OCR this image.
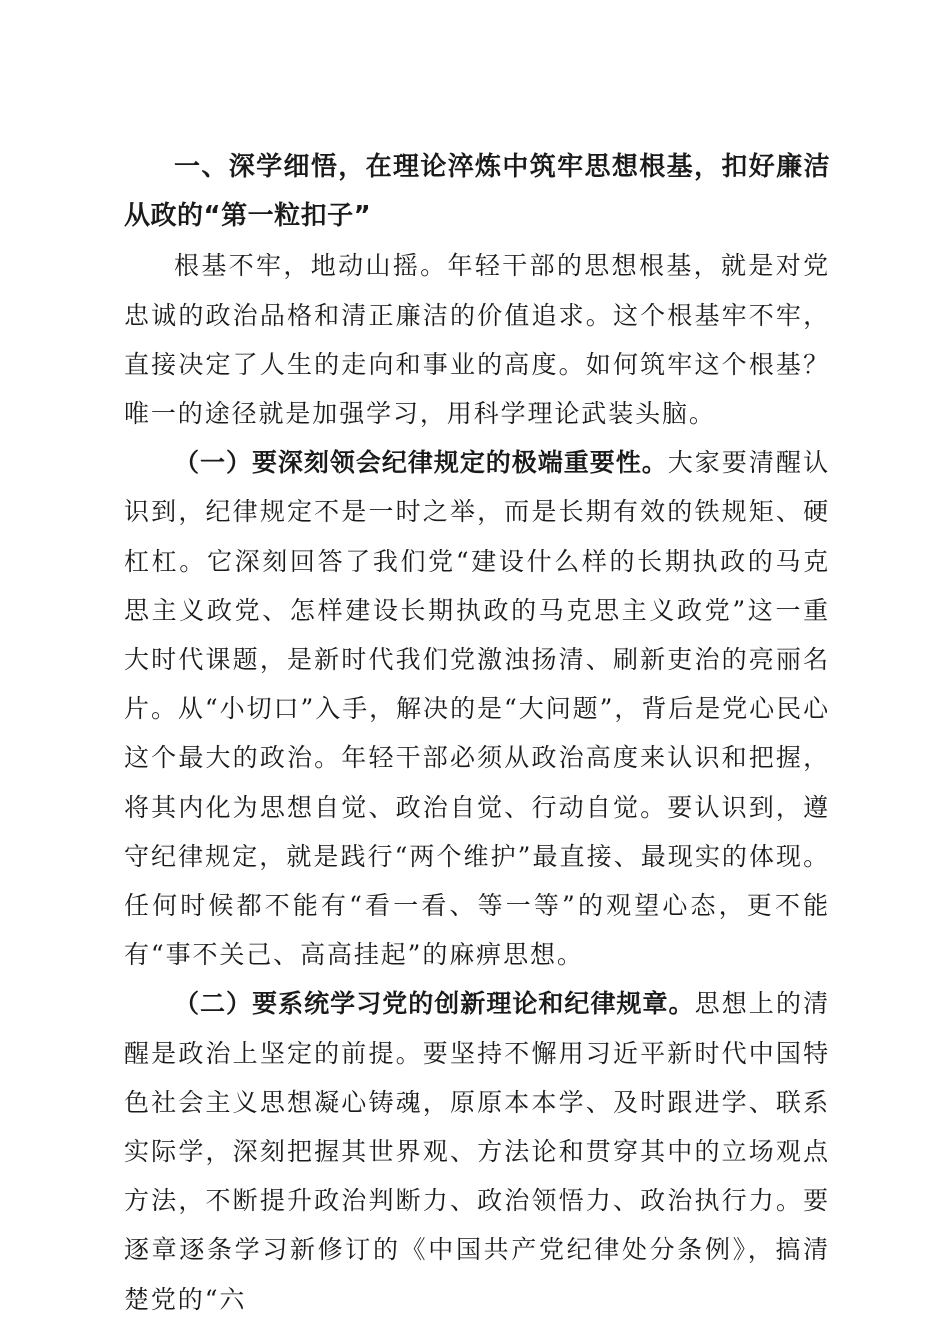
一、深学细悟，在理论淬炼中筑牢思想根基，扣好廉洁从政的“第一粒扣子”

根基不牢，地动山摇。年轻干部的思想根基，就是对党忠诚的政治品格和清正廉洁的价值追求。这个根基牢不牢，直接决定了人生的走向和事业的高度。如何筑牢这个根基？唯一的途径就是加强学习，用科学理论武装头脑。

（一）要深刻领会纪律规定的极端重要性。大家要清醒认识到，纪律规定不是一时之举，而是长期有效的铁规矩、硬杠杠。它深刻回答了我们党“建设什么样的长期执政的马克思主义政党、怎样建设长期执政的马克思主义政党”这一重大时代课题，是新时代我们党激浊扬清、刷新吏治的亮丽名片。从“小切口”入手，解决的是“大问题”，背后是党心民心这个最大的政治。年轻干部必须从政治高度来认识和把握，将其内化为思想自觉、政治自觉、行动自觉。要认识到，遵守纪律规定，就是践行“两个维护”最直接、最现实的体现。任何时候都不能有“看一看、等一等”的观望心态，更不能有“事不关己、高高挂起”的麻痹思想。

（二）要系统学习党的创新理论和纪律规章。思想上的清醒是政治上坚定的前提。要坚持不懈用习近平新时代中国特色社会主义思想凝心铸魂，原原本本学、及时跟进学、联系实际学，深刻把握其世界观、方法论和贯穿其中的立场观点方法，不断提升政治判断力、政治领悟力、政治执行力。要逐章逐条学习新修订的《中国共产党纪律处分条例》，搞清楚党的“六
